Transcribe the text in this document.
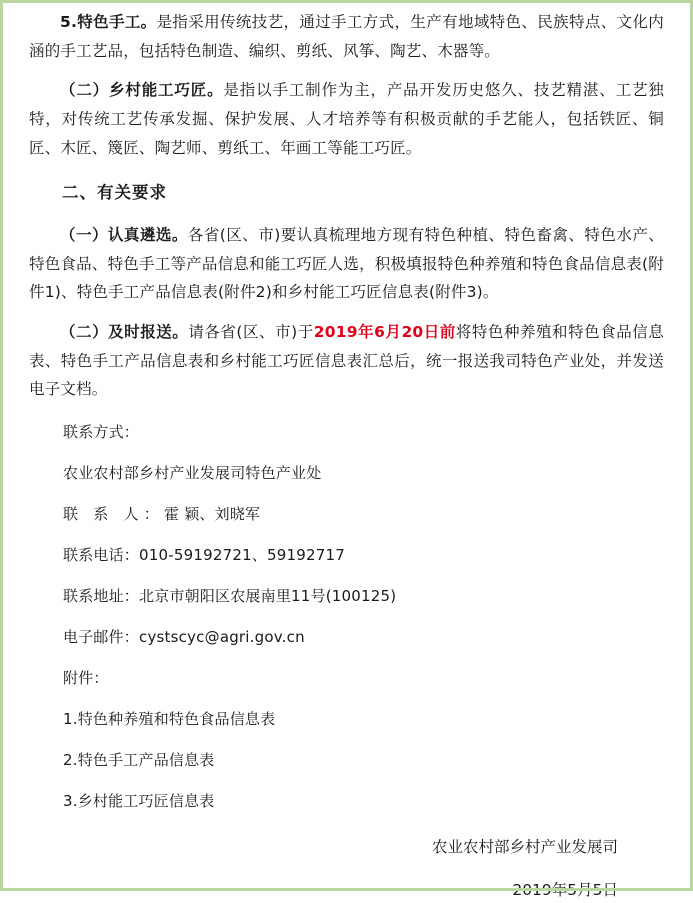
5.特色手工。是指采用传统技艺，通过手工方式，生产有地域特色、民族特点、文化内涵的手工艺品，包括特色制造、编织、剪纸、风筝、陶艺、木器等。

（二）乡村能工巧匠。是指以手工制作为主，产品开发历史悠久、技艺精湛、工艺独特，对传统工艺传承发掘、保护发展、人才培养等有积极贡献的手艺能人，包括铁匠、铜匠、木匠、篾匠、陶艺师、剪纸工、年画工等能工巧匠。

二、有关要求

（一）认真遴选。各省(区、市)要认真梳理地方现有特色种植、特色畜禽、特色水产、特色食品、特色手工等产品信息和能工巧匠人选，积极填报特色种养殖和特色食品信息表(附件1)、特色手工产品信息表(附件2)和乡村能工巧匠信息表(附件3)。

（二）及时报送。请各省(区、市)于2019年6月20日前将特色种养殖和特色食品信息表、特色手工产品信息表和乡村能工巧匠信息表汇总后，统一报送我司特色产业处，并发送电子文档。

联系方式：

农业农村部乡村产业发展司特色产业处

联 系 人：霍 颖、刘晓军

联系电话：010-59192721、59192717

联系地址：北京市朝阳区农展南里11号(100125)

电子邮件：cystscyc@agri.gov.cn

附件：

1.特色种养殖和特色食品信息表

2.特色手工产品信息表

3.乡村能工巧匠信息表

农业农村部乡村产业发展司
